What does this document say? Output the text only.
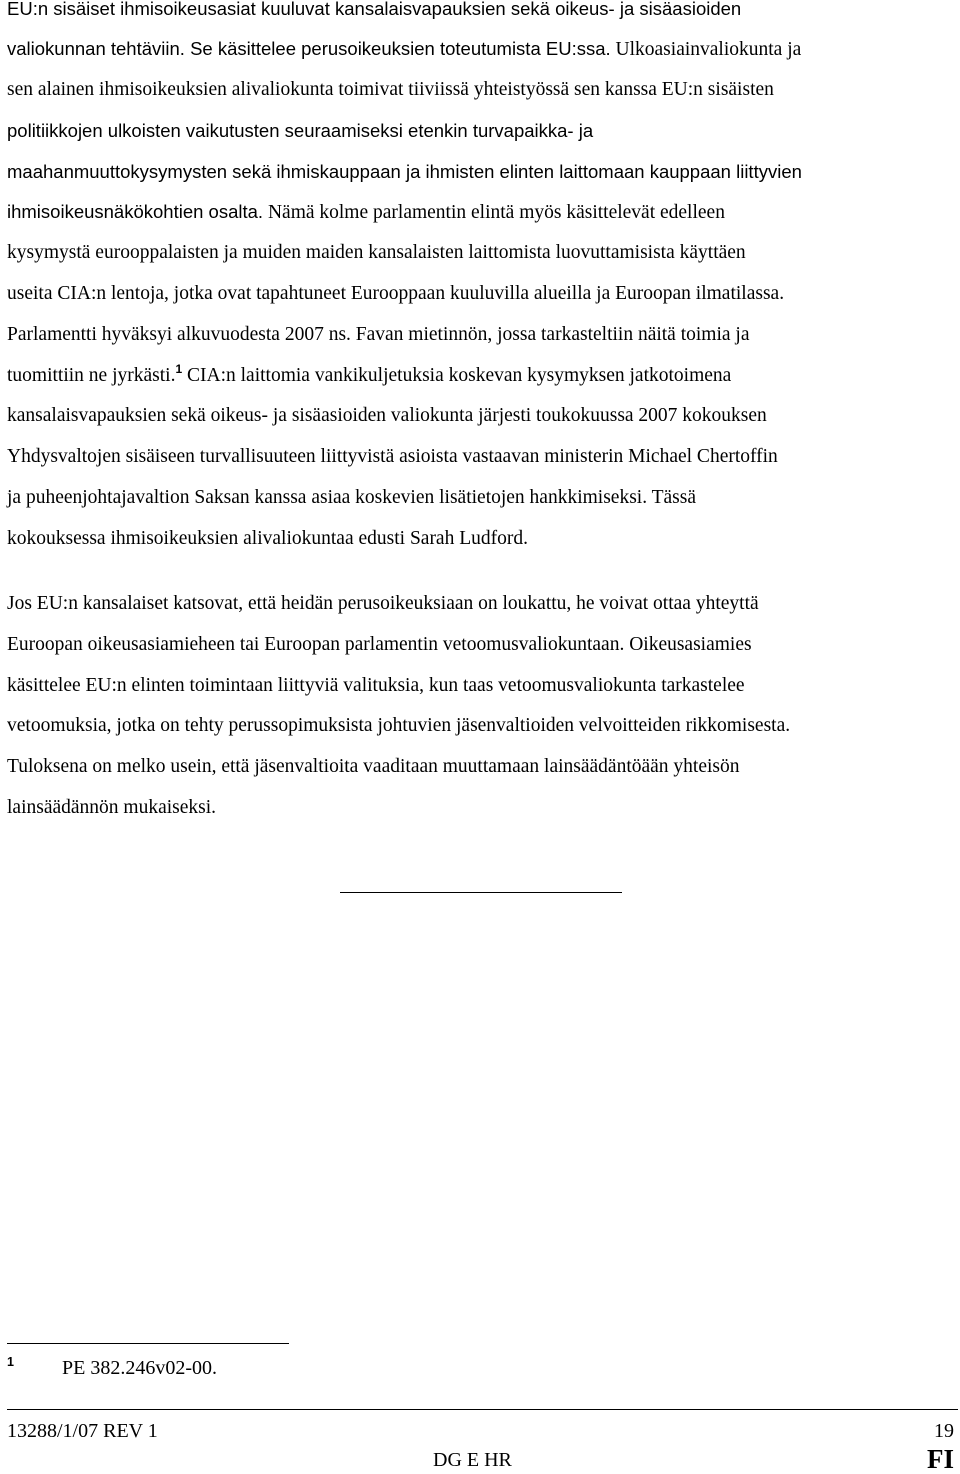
EU:n sisäiset ihmisoikeusasiat kuuluvat kansalaisvapauksien sekä oikeus- ja sisäasioiden
valiokunnan tehtäviin. Se käsittelee perusoikeuksien toteutumista EU:ssa. Ulkoasiainvaliokunta ja
sen alainen ihmisoikeuksien alivaliokunta toimivat tiiviissä yhteistyössä sen kanssa EU:n sisäisten
politiikkojen ulkoisten vaikutusten seuraamiseksi etenkin turvapaikka- ja
maahanmuuttokysymysten sekä ihmiskauppaan ja ihmisten elinten laittomaan kauppaan liittyvien
ihmisoikeusnäkökohtien osalta. Nämä kolme parlamentin elintä myös käsittelevät edelleen
kysymystä eurooppalaisten ja muiden maiden kansalaisten laittomista luovuttamisista käyttäen
useita CIA:n lentoja, jotka ovat tapahtuneet Eurooppaan kuuluvilla alueilla ja Euroopan ilmatilassa.
Parlamentti hyväksyi alkuvuodesta 2007 ns. Favan mietinnön, jossa tarkasteltiin näitä toimia ja
tuomittiin ne jyrkästi.$^1$ CIA:n laittomia vankikuljetuksia koskevan kysymyksen jatkotoimena
kansalaisvapauksien sekä oikeus- ja sisäasioiden valiokunta järjesti toukokuussa 2007 kokouksen
Yhdysvaltojen sisäiseen turvallisuuteen liittyvistä asioista vastaavan ministerin Michael Chertoffin
ja puheenjohtajavaltion Saksan kanssa asiaa koskevien lisätietojen hankkimiseksi. Tässä
kokouksessa ihmisoikeuksien alivaliokuntaa edusti Sarah Ludford.
Jos EU:n kansalaiset katsovat, että heidän perusoikeuksiaan on loukattu, he voivat ottaa yhteyttä
Euroopan oikeusasiamieheen tai Euroopan parlamentin vetoomusvaliokuntaan. Oikeusasiamies
käsittelee EU:n elinten toimintaan liittyviä valituksia, kun taas vetoomusvaliokunta tarkastelee
vetoomuksia, jotka on tehty perussopimuksista johtuvien jäsenvaltioiden velvoitteiden rikkomisesta.
Tuloksena on melko usein, että jäsenvaltioita vaaditaan muuttamaan lainsäädäntöään yhteisön
lainsäädännön mukaiseksi.
1 PE 382.246v02-00.
13288/1/07 REV 1
DG E HR
19
FI
